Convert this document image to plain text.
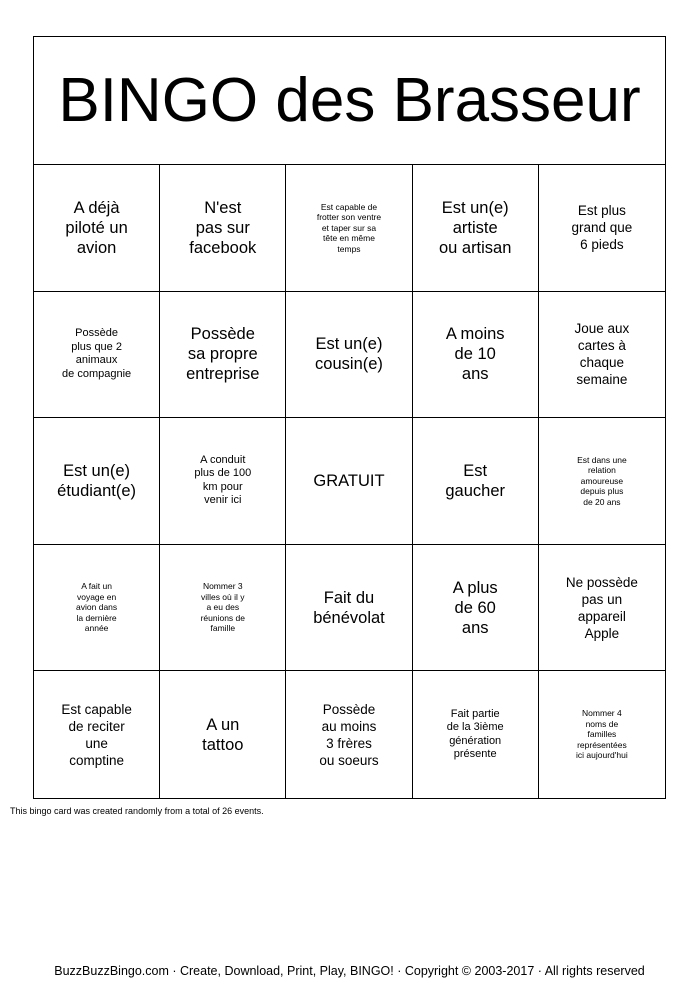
BINGO des Brasseur
A déjà
piloté un
avion
N'est
pas sur
facebook
Est capable de
frotter son ventre
et taper sur sa
tête en même
temps
Est un(e)
artiste
ou artisan
Est plus
grand que
6 pieds
Possède
plus que 2
animaux
de compagnie
Possède
sa propre
entreprise
Est un(e)
cousin(e)
A moins
de 10
ans
Joue aux
cartes à
chaque
semaine
Est un(e)
étudiant(e)
A conduit
plus de 100
km pour
venir ici
GRATUIT
Est
gaucher
Est dans une
relation
amoureuse
depuis plus
de 20 ans
A fait un
voyage en
avion dans
la dernière
année
Nommer 3
villes où il y
a eu des
réunions de
famille
Fait du
bénévolat
A plus
de 60
ans
Ne possède
pas un
appareil
Apple
Est capable
de reciter
une
comptine
A un
tattoo
Possède
au moins
3 frères
ou soeurs
Fait partie
de la 3ième
génération
présente
Nommer 4
noms de
familles
représentées
ici aujourd'hui
This bingo card was created randomly from a total of 26 events.
BuzzBuzzBingo.com · Create, Download, Print, Play, BINGO! · Copyright © 2003-2017 · All rights reserved
